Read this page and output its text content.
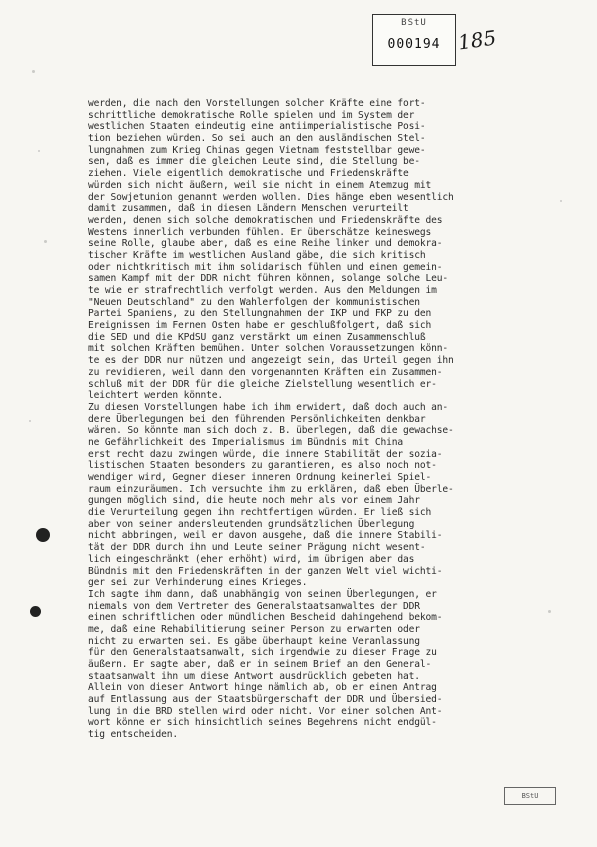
BStU
000194 185
werden, die nach den Vorstellungen solcher Kräfte eine fort-
schrittliche demokratische Rolle spielen und im System der
westlichen Staaten eindeutig eine antiimperialistische Posi-
tion beziehen würden. So sei auch an den ausländischen Stel-
lungnahmen zum Krieg Chinas gegen Vietnam feststellbar gewe-
sen, daß es immer die gleichen Leute sind, die Stellung be-
ziehen. Viele eigentlich demokratische und Friedenskräfte
würden sich nicht äußern, weil sie nicht in einem Atemzug mit
der Sowjetunion genannt werden wollen. Dies hänge eben wesentlich
damit zusammen, daß in diesen Ländern Menschen verurteilt
werden, denen sich solche demokratischen und Friedenskräfte des
Westens innerlich verbunden fühlen. Er überschätze keineswegs
seine Rolle, glaube aber, daß es eine Reihe linker und demokra-
tischer Kräfte im westlichen Ausland gäbe, die sich kritisch
oder nichtkritisch mit ihm solidarisch fühlen und einen gemein-
samen Kampf mit der DDR nicht führen können, solange solche Leu-
te wie er strafrechtlich verfolgt werden. Aus den Meldungen im
"Neuen Deutschland" zu den Wahlerfolgen der kommunistischen
Partei Spaniens, zu den Stellungnahmen der IKP und FKP zu den
Ereignissen im Fernen Osten habe er geschlußfolgert, daß sich
die SED und die KPdSU ganz verstärkt um einen Zusammenschluß
mit solchen Kräften bemühen. Unter solchen Voraussetzungen könn-
te es der DDR nur nützen und angezeigt sein, das Urteil gegen ihn
zu revidieren, weil dann den vorgenannten Kräften ein Zusammen-
schluß mit der DDR für die gleiche Zielstellung wesentlich er-
leichtert werden könnte.
Zu diesen Vorstellungen habe ich ihm erwidert, daß doch auch an-
dere Überlegungen bei den führenden Persönlichkeiten denkbar
wären. So könnte man sich doch z. B. überlegen, daß die gewachse-
ne Gefährlichkeit des Imperialismus im Bündnis mit China
erst recht dazu zwingen würde, die innere Stabilität der sozia-
listischen Staaten besonders zu garantieren, es also noch not-
wendiger wird, Gegner dieser inneren Ordnung keinerlei Spiel-
raum einzuräumen. Ich versuchte ihm zu erklären, daß eben Überle-
gungen möglich sind, die heute noch mehr als vor einem Jahr
die Verurteilung gegen ihn rechtfertigen würden. Er ließ sich
aber von seiner andersleutenden grundsätzlichen Überlegung
nicht abbringen, weil er davon ausgehe, daß die innere Stabili-
tät der DDR durch ihn und Leute seiner Prägung nicht wesent-
lich eingeschränkt (eher erhöht) wird, im übrigen aber das
Bündnis mit den Friedenskräften in der ganzen Welt viel wichti-
ger sei zur Verhinderung eines Krieges.
Ich sagte ihm dann, daß unabhängig von seinen Überlegungen, er
niemals von dem Vertreter des Generalstaatsanwaltes der DDR
einen schriftlichen oder mündlichen Bescheid dahingehend bekom-
me, daß eine Rehabilitierung seiner Person zu erwarten oder
nicht zu erwarten sei. Es gäbe überhaupt keine Veranlassung
für den Generalstaatsanwalt, sich irgendwie zu dieser Frage zu
äußern. Er sagte aber, daß er in seinem Brief an den General-
staatsanwalt ihn um diese Antwort ausdrücklich gebeten hat.
Allein von dieser Antwort hinge nämlich ab, ob er einen Antrag
auf Entlassung aus der Staatsbürgerschaft der DDR und Übersied-
lung in die BRD stellen wird oder nicht. Vor einer solchen Ant-
wort könne er sich hinsichtlich seines Begehrens nicht endgül-
tig entscheiden.
BStU
